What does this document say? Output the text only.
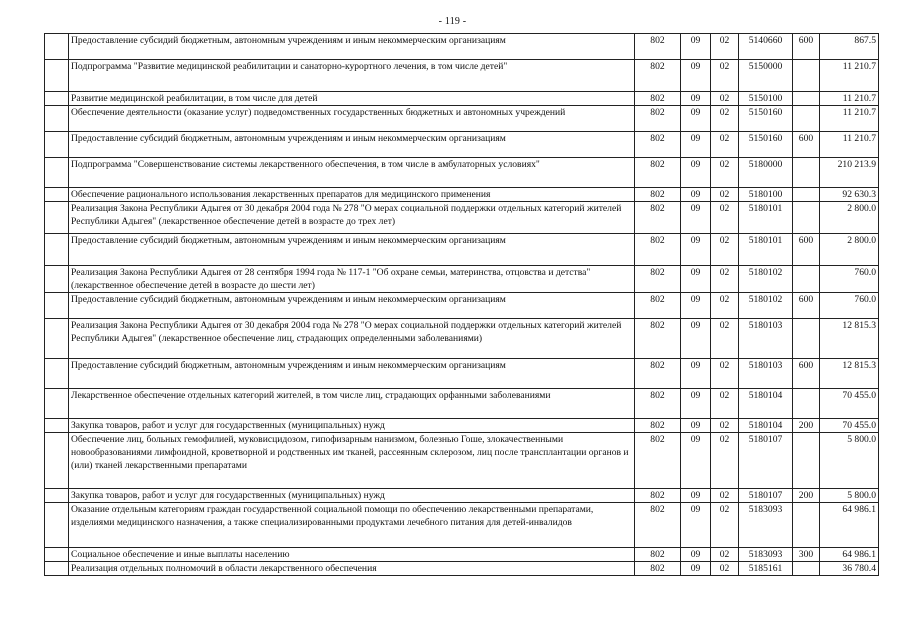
- 119 -
	Предоставление субсидий бюджетным, автономным учреждениям и иным некоммерческим организациям	802	09	02	5140660	600	867.5
	Подпрограмма "Развитие медицинской реабилитации и санаторно-курортного лечения, в том числе детей"	802	09	02	5150000		11 210.7
	Развитие медицинской реабилитации, в том числе для детей	802	09	02	5150100		11 210.7
	Обеспечение деятельности (оказание услуг) подведомственных государственных бюджетных и автономных учреждений	802	09	02	5150160		11 210.7
	Предоставление субсидий бюджетным, автономным учреждениям и иным некоммерческим организациям	802	09	02	5150160	600	11 210.7
	Подпрограмма "Совершенствование системы лекарственного обеспечения, в том числе в амбулаторных условиях"	802	09	02	5180000		210 213.9
	Обеспечение рационального использования лекарственных препаратов для медицинского применения	802	09	02	5180100		92 630.3
	Реализация Закона Республики Адыгея от 30 декабря 2004 года № 278 "О мерах социальной поддержки отдельных категорий жителей Республики Адыгея" (лекарственное обеспечение детей в возрасте до трех лет)	802	09	02	5180101		2 800.0
	Предоставление субсидий бюджетным, автономным учреждениям и иным некоммерческим организациям	802	09	02	5180101	600	2 800.0
	Реализация Закона Республики Адыгея от 28 сентября 1994 года № 117-1 "Об охране семьи, материнства, отцовства и детства" (лекарственное обеспечение детей в возрасте до шести лет)	802	09	02	5180102		760.0
	Предоставление субсидий бюджетным, автономным учреждениям и иным некоммерческим организациям	802	09	02	5180102	600	760.0
	Реализация Закона Республики Адыгея от 30 декабря 2004 года № 278 "О мерах социальной поддержки отдельных категорий жителей Республики Адыгея" (лекарственное обеспечение лиц, страдающих определенными заболеваниями)	802	09	02	5180103		12 815.3
	Предоставление субсидий бюджетным, автономным учреждениям и иным некоммерческим организациям	802	09	02	5180103	600	12 815.3
	Лекарственное обеспечение отдельных категорий жителей, в том числе лиц, страдающих орфанными заболеваниями	802	09	02	5180104		70 455.0
	Закупка товаров, работ и услуг для государственных (муниципальных) нужд	802	09	02	5180104	200	70 455.0
	Обеспечение лиц, больных гемофилией, муковисцидозом, гипофизарным нанизмом, болезнью Гоше, злокачественными новообразованиями лимфоидной, кроветворной и родственных им тканей, рассеянным склерозом, лиц после трансплантации органов и (или) тканей лекарственными препаратами	802	09	02	5180107		5 800.0
	Закупка товаров, работ и услуг для государственных (муниципальных) нужд	802	09	02	5180107	200	5 800.0
	Оказание отдельным категориям граждан государственной социальной помощи по обеспечению лекарственными препаратами, изделиями медицинского назначения, а также специализированными продуктами лечебного питания для детей-инвалидов	802	09	02	5183093		64 986.1
	Социальное обеспечение и иные выплаты населению	802	09	02	5183093	300	64 986.1
	Реализация отдельных полномочий в области лекарственного обеспечения	802	09	02	5185161		36 780.4
